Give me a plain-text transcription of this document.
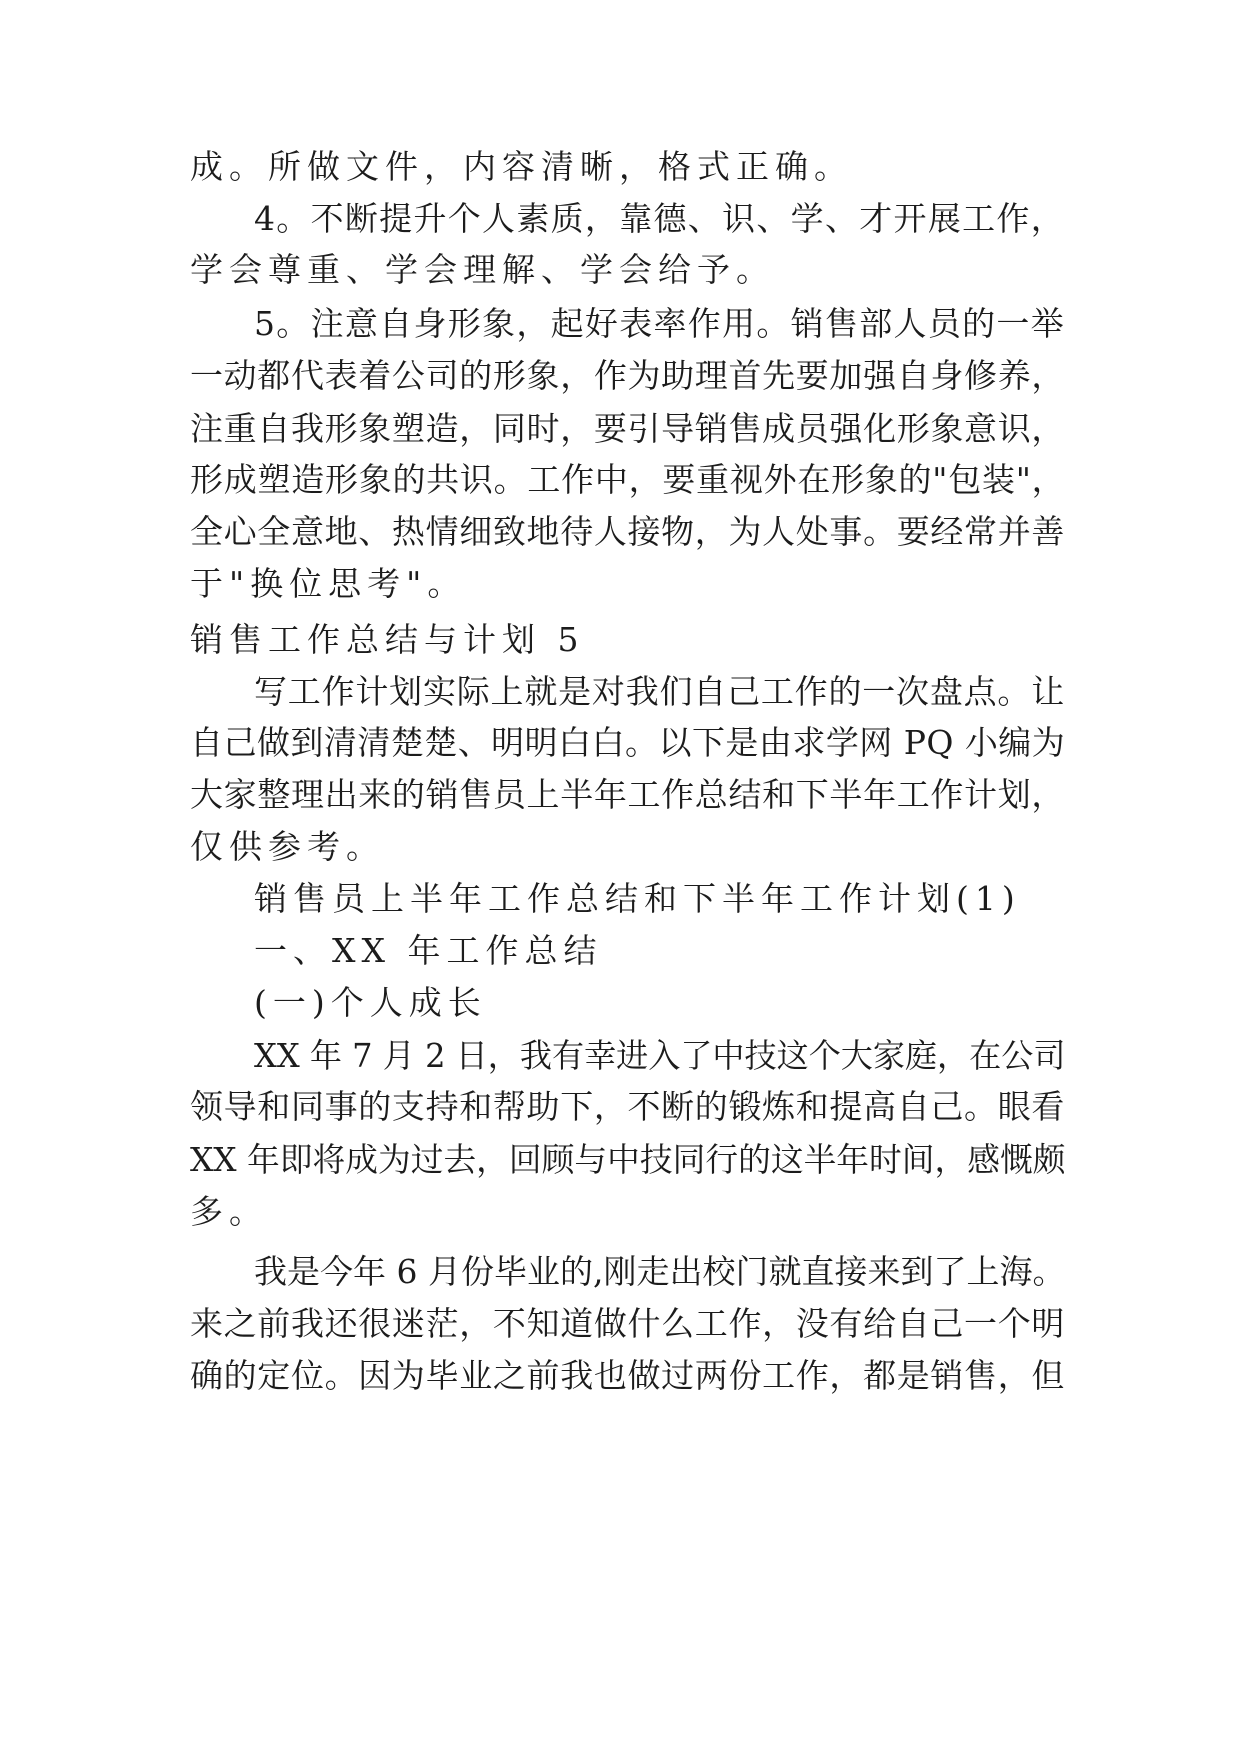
成。所做文件，内容清晰，格式正确。
4。不断提升个人素质，靠德、识、学、才开展工作，
学会尊重、学会理解、学会给予。
5。注意自身形象，起好表率作用。销售部人员的一举
一动都代表着公司的形象，作为助理首先要加强自身修养，
注重自我形象塑造，同时，要引导销售成员强化形象意识，
形成塑造形象的共识。工作中，要重视外在形象的"包装"，
全心全意地、热情细致地待人接物，为人处事。要经常并善
于"换位思考"。
销售工作总结与计划 5
写工作计划实际上就是对我们自己工作的一次盘点。让
自己做到清清楚楚、明明白白。以下是由求学网 PQ 小编为
大家整理出来的销售员上半年工作总结和下半年工作计划，
仅供参考。
销售员上半年工作总结和下半年工作计划(1)
一、XX 年工作总结
(一)个人成长
XX 年 7 月 2 日，我有幸进入了中技这个大家庭，在公司
领导和同事的支持和帮助下，不断的锻炼和提高自己。眼看
XX 年即将成为过去，回顾与中技同行的这半年时间，感慨颇
多。
我是今年 6 月份毕业的,刚走出校门就直接来到了上海。
来之前我还很迷茫，不知道做什么工作，没有给自己一个明
确的定位。因为毕业之前我也做过两份工作，都是销售，但
